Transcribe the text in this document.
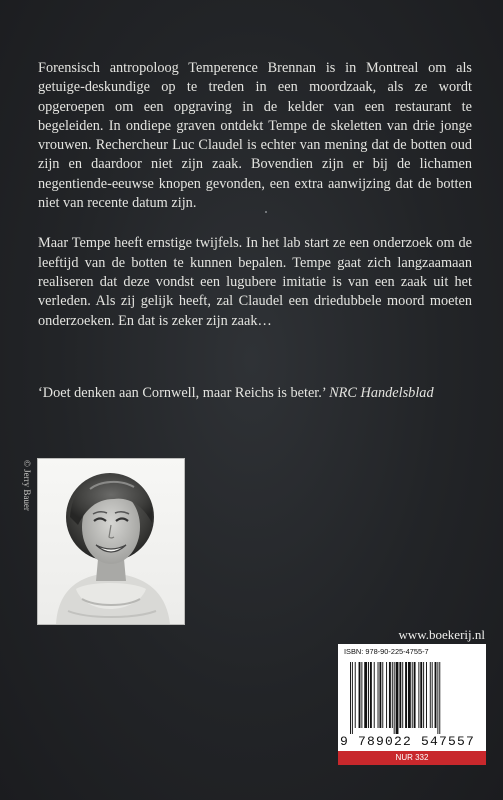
Forensisch antropoloog Temperence Brennan is in Montreal om als getuige-deskundige op te treden in een moordzaak, als ze wordt opgeroepen om een opgraving in de kelder van een restaurant te begeleiden. In ondiepe graven ontdekt Tempe de skeletten van drie jonge vrouwen. Rechercheur Luc Claudel is echter van mening dat de botten oud zijn en daardoor niet zijn zaak. Bovendien zijn er bij de lichamen negentiende-eeuwse knopen gevonden, een extra aanwijzing dat de botten niet van recente datum zijn.

Maar Tempe heeft ernstige twijfels. In het lab start ze een onderzoek om de leeftijd van de botten te kunnen bepalen. Tempe gaat zich langzaamaan realiseren dat deze vondst een lugubere imitatie is van een zaak uit het verleden. Als zij gelijk heeft, zal Claudel een driedubbele moord moeten onderzoeken. En dat is zeker zijn zaak…

‘Doet denken aan Cornwell, maar Reichs is beter.’ NRC Handelsblad
© Jerry Bauer
www.boekerij.nl
ISBN: 978-90-225-4755-7
9 789022 547557
NUR 332
